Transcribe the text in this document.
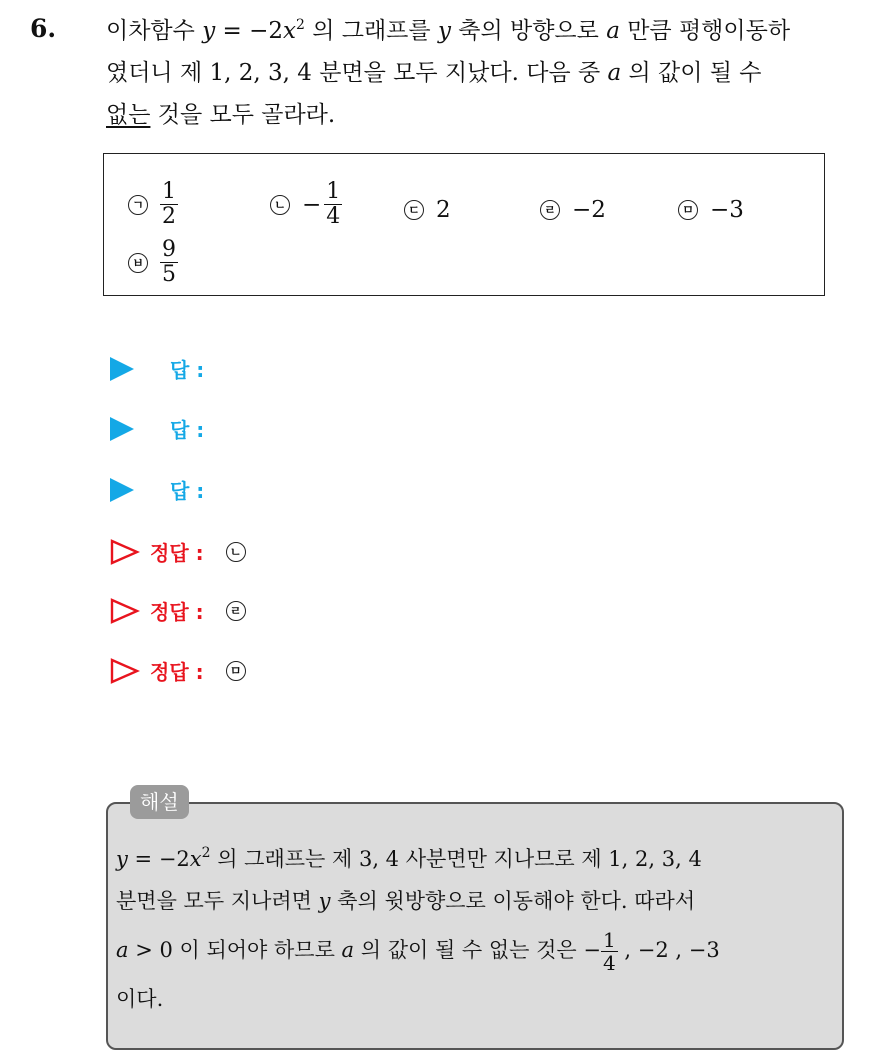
6. 이차함수 $y = -2x^2$ 의 그래프를 y 축의 방향으로 a 만큼 평행이동하
였더니 제 1, 2, 3, 4 분면을 모두 지났다. 다음 중 a 의 값이 될 수
없는 것을 모두 골라라.
ㄱ $\frac{1}{2}$	ㄴ − $\frac{1}{4}$	ㄷ 2	ㄹ −2	ㅁ −3
ㅂ $\frac{9}{5}$
답 :
답 :
답 :
정답 : ㄴ
정답 : ㄹ
정답 : ㅁ
해설
$y = -2x^2$ 의 그래프는 제 3, 4 사분면만 지나므로 제 1, 2, 3, 4
분면을 모두 지나려면 y 축의 윗방향으로 이동해야 한다. 따라서
a > 0 이 되어야 하므로 a 의 값이 될 수 없는 것은 − $\frac{1}{4}$ , −2 , −3
이다.
